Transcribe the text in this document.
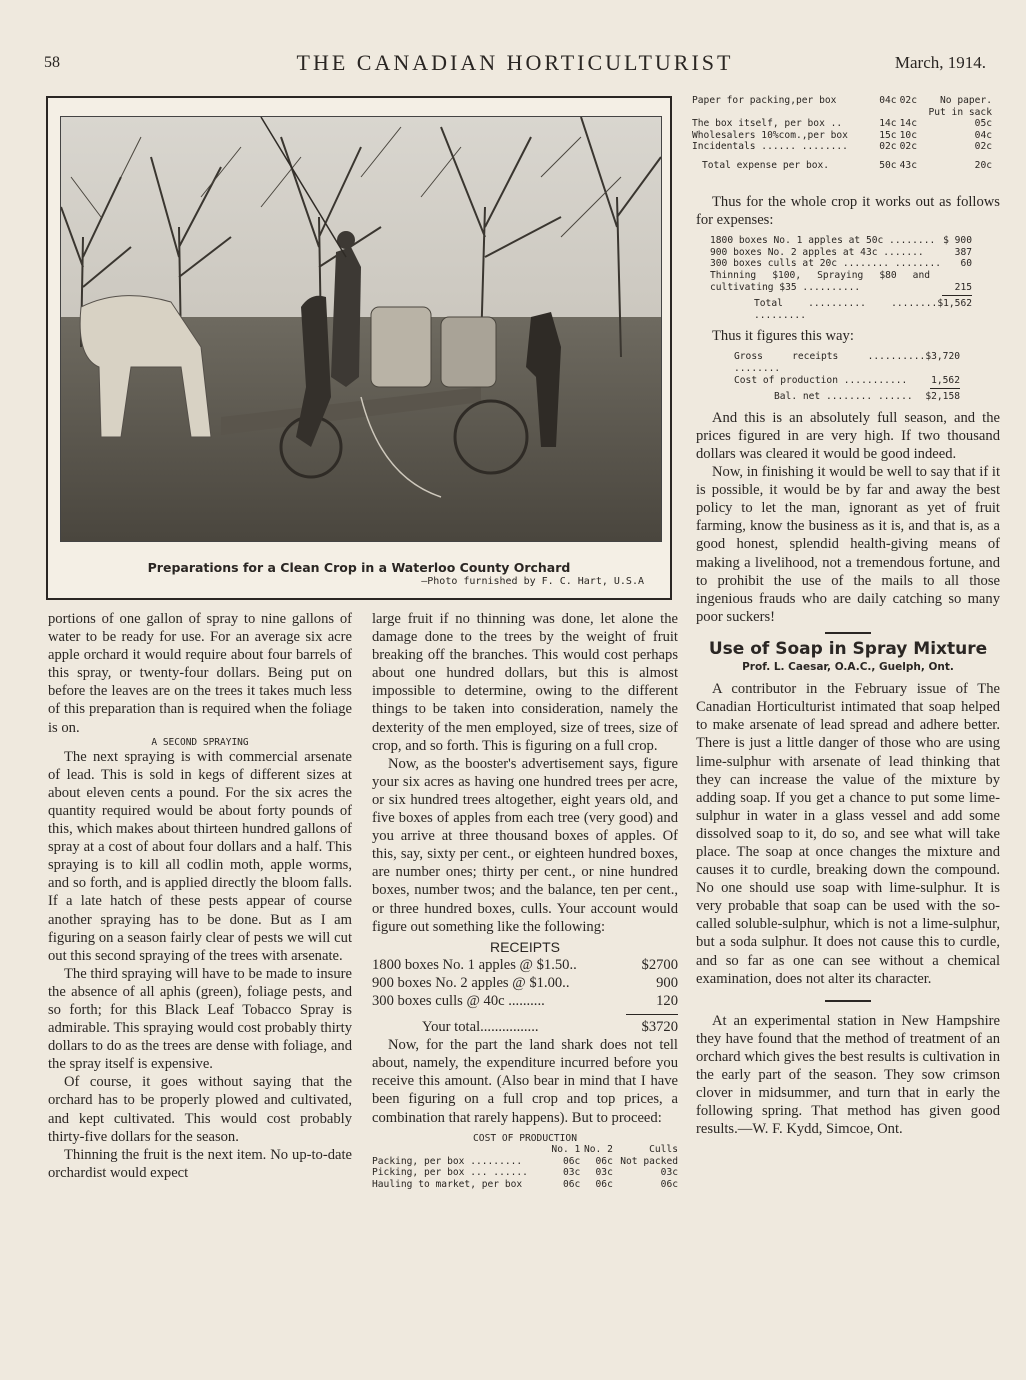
58	THE CANADIAN HORTICULTURIST	March, 1914.
Preparations for a Clean Crop in a Waterloo County Orchard
—Photo furnished by F. C. Hart, U.S.A

portions of one gallon of spray to nine gallons of water to be ready for use. For an average six acre apple orchard it would require about four barrels of this spray, or twenty-four dollars. Being put on before the leaves are on the trees it takes much less of this preparation than is required when the foliage is on.

A SECOND SPRAYING

The next spraying is with commercial arsenate of lead. This is sold in kegs of different sizes at about eleven cents a pound. For the six acres the quantity required would be about forty pounds of this, which makes about thirteen hundred gallons of spray at a cost of about four dollars and a half. This spraying is to kill all codlin moth, apple worms, and so forth, and is applied directly the bloom falls. If a late hatch of these pests appear of course another spraying has to be done. But as I am figuring on a season fairly clear of pests we will cut out this second spraying of the trees with arsenate.

The third spraying will have to be made to insure the absence of all aphis (green), foliage pests, and so forth; for this Black Leaf Tobacco Spray is admirable. This spraying would cost probably thirty dollars to do as the trees are dense with foliage, and the spray itself is expensive.

Of course, it goes without saying that the orchard has to be properly plowed and cultivated, and kept cultivated. This would cost probably thirty-five dollars for the season.

Thinning the fruit is the next item. No up-to-date orchardist would expect

large fruit if no thinning was done, let alone the damage done to the trees by the weight of fruit breaking off the branches. This would cost perhaps about one hundred dollars, but this is almost impossible to determine, owing to the different things to be taken into consideration, namely the dexterity of the men employed, size of trees, size of crop, and so forth. This is figuring on a full crop.

Now, as the booster's advertisement says, figure your six acres as having one hundred trees per acre, or six hundred trees altogether, eight years old, and five boxes of apples from each tree (very good) and you arrive at three thousand boxes of apples. Of this, say, sixty per cent., or eighteen hundred boxes, are number ones; thirty per cent., or nine hundred boxes, number twos; and the balance, ten per cent., or three hundred boxes, culls. Your account would figure out something like the following:

RECEIPTS
1800 boxes No. 1 apples @ $1.50..	$2700
900 boxes No. 2 apples @ $1.00..	900
300 boxes culls @ 40c ..........	120
Your total................	$3720

Now, for the part the land shark does not tell about, namely, the expenditure incurred before you receive this amount. (Also bear in mind that I have been figuring on a full crop and top prices, a combination that rarely happens). But to proceed:

COST OF PRODUCTION
	No. 1	No. 2	Culls
Packing, per box .........	06c	06c	Not packed
Picking, per box ... ......	03c	03c	03c
Hauling to market, per box	06c	06c	06c
Paper for packing,per box	04c	02c	No paper.
			Put in sack
The box itself, per box ..	14c	14c	05c
Wholesalers 10%com.,per box	15c	10c	04c
Incidentals ...... ........	02c	02c	02c
Total expense per box.	50c	43c	20c

Thus for the whole crop it works out as follows for expenses:

1800 boxes No. 1 apples at 50c ........ $ 900
900 boxes No. 2 apples at 43c .......	387
300 boxes culls at 20c ........ ........ 60
Thinning $100, Spraying $80 and cultivating $35 ..........	215
Total .......... ........ .........
$1,562

Thus it figures this way:

Gross receipts .......... ........
$3,720
Cost of production ........... 1,562
Bal. net ........ ...... $2,158

And this is an absolutely full season, and the prices figured in are very high. If two thousand dollars was cleared it would be good indeed.

Now, in finishing it would be well to say that if it is possible, it would be by far and away the best policy to let the man, ignorant as yet of fruit farming, know the business as it is, and that is, as a good honest, splendid health-giving means of making a livelihood, not a tremendous fortune, and to prohibit the use of the mails to all those ingenious frauds who are daily catching so many poor suckers!

Use of Soap in Spray Mixture
Prof. L. Caesar, O.A.C., Guelph, Ont.

A contributor in the February issue of The Canadian Horticulturist intimated that soap helped to make arsenate of lead spread and adhere better. There is just a little danger of those who are using lime-sulphur with arsenate of lead thinking that they can increase the value of the mixture by adding soap. If you get a chance to put some lime-sulphur in water in a glass vessel and add some dissolved soap to it, do so, and see what will take place. The soap at once changes the mixture and causes it to curdle, breaking down the compound. No one should use soap with lime-sulphur. It is very probable that soap can be used with the so-called soluble-sulphur, which is not a lime-sulphur, but a soda sulphur. It does not cause this to curdle, and so far as one can see without a chemical examination, does not alter its character.

At an experimental station in New Hampshire they have found that the method of treatment of an orchard which gives the best results is cultivation in the early part of the season. They sow crimson clover in midsummer, and turn that in early the following spring. That method has given good results.—W. F. Kydd, Simcoe, Ont.
